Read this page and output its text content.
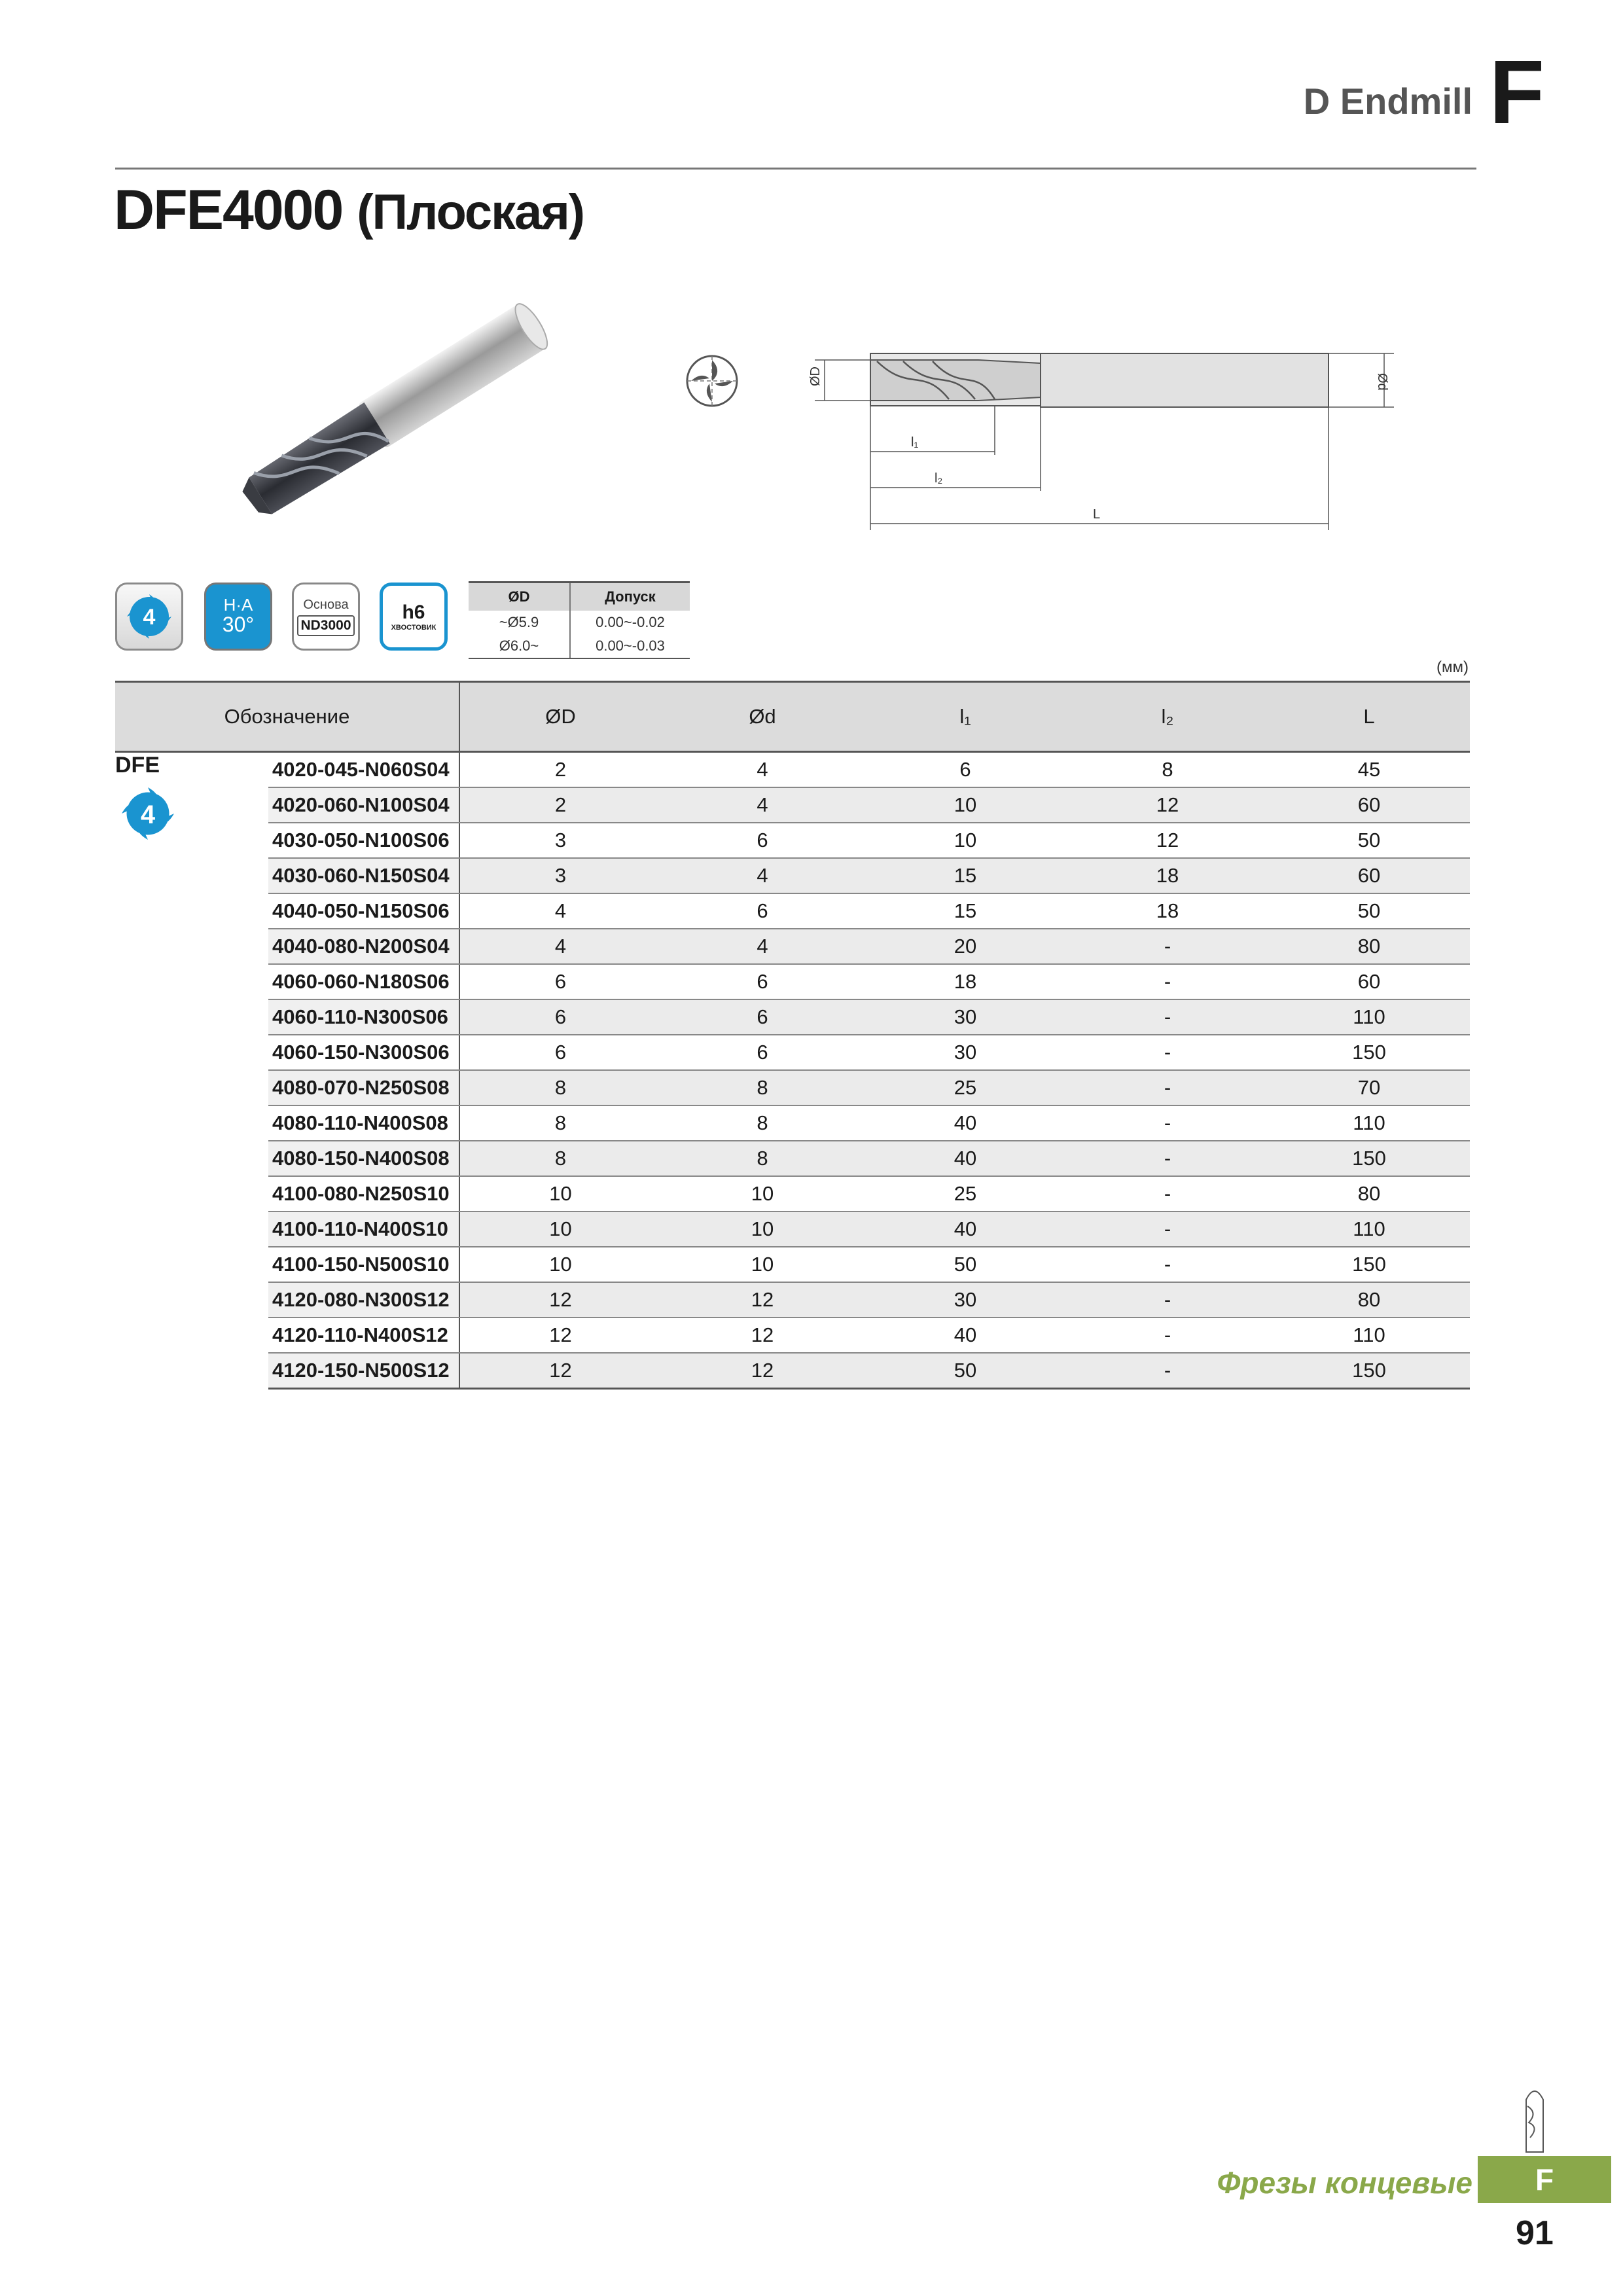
D Endmill F
DFE4000 (Плоская)
ØD	Ød
l₁
l₂
L
4	H·A
30°
Основа
ND3000
h6
ХВОСТОВИК
ØD	Допуск
~Ø5.9	0.00~-0.02
Ø6.0~	0.00~-0.03
(мм)
Обозначение		ØD	Ød	l₁	l₂	L

DFE
4	4020-045-N060S04	2	4	6	8	45
	4020-060-N100S04	2	4	10	12	60
	4030-050-N100S06	3	6	10	12	50
	4030-060-N150S04	3	4	15	18	60
	4040-050-N150S06	4	6	15	18	50
	4040-080-N200S04	4	4	20	-	80
	4060-060-N180S06	6	6	18	-	60
	4060-110-N300S06	6	6	30	-	110
	4060-150-N300S06	6	6	30	-	150
	4080-070-N250S08	8	8	25	-	70
	4080-110-N400S08	8	8	40	-	110
	4080-150-N400S08	8	8	40	-	150
	4100-080-N250S10	10	10	25	-	80
	4100-110-N400S10	10	10	40	-	110
	4100-150-N500S10	10	10	50	-	150
	4120-080-N300S12	12	12	30	-	80
	4120-110-N400S12	12	12	40	-	110
	4120-150-N500S12	12	12	50	-	150
Фрезы концевые	F
91
